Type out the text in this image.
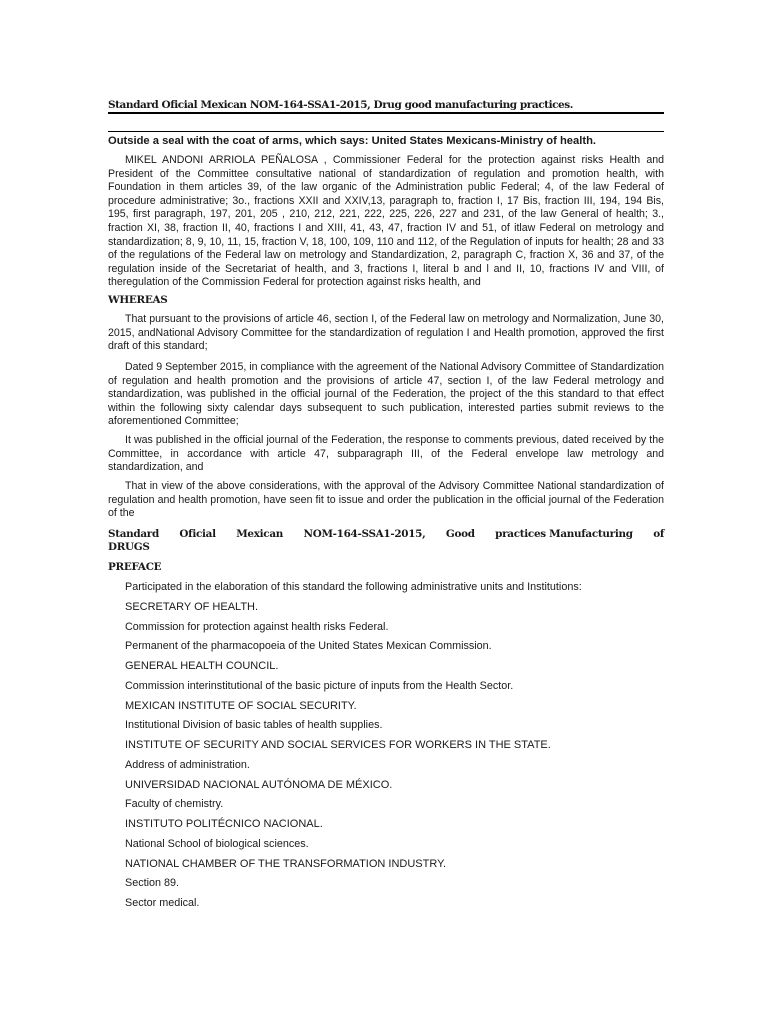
Standard Oficial Mexican NOM-164-SSA1-2015, Drug good manufacturing practices.
Outside a seal with the coat of arms, which says: United States Mexicans-Ministry of health.

MIKEL ANDONI ARRIOLA PEÑALOSA , Commissioner Federal for the protection against risks Health and President of the Committee consultative national of standardization of regulation and promotion health, with Foundation in them articles 39, of the law organic of the Administration public Federal; 4, of the law Federal of procedure administrative; 3o., fractions XXII and XXIV,13, paragraph to, fraction I, 17 Bis, fraction III, 194, 194 Bis, 195, first paragraph, 197, 201, 205 , 210, 212, 221, 222, 225, 226, 227 and 231, of the law General of health; 3., fraction XI, 38, fraction II, 40, fractions I and XIII, 41, 43, 47, fraction IV and 51, of itlaw Federal on metrology and standardization; 8, 9, 10, 11, 15, fraction V, 18, 100, 109, 110 and 112, of the Regulation of inputs for health; 28 and 33 of the regulations of the Federal law on metrology and Standardization, 2, paragraph C, fraction X, 36 and 37, of the regulation inside of the Secretariat of health, and 3, fractions I, literal b and l and II, 10, fractions IV and VIII, of theregulation of the Commission Federal for protection against risks health, and

WHEREAS

That pursuant to the provisions of article 46, section I, of the Federal law on metrology and Normalization, June 30, 2015, andNational Advisory Committee for the standardization of regulation I and Health promotion, approved the first draft of this standard;

Dated 9 September 2015, in compliance with the agreement of the National Advisory Committee of Standardization of regulation and health promotion and the provisions of article 47, section I, of the law Federal metrology and standardization, was published in the official journal of the Federation, the project of the this standard to that effect within the following sixty calendar days subsequent to such publication, interested parties submit reviews to the aforementioned Committee;

It was published in the official journal of the Federation, the response to comments previous, dated received by the Committee, in accordance with article 47, subparagraph III, of the Federal envelope law metrology and standardization, and

That in view of the above considerations, with the approval of the Advisory Committee National standardization of regulation and health promotion, have seen fit to issue and order the publication in the official journal of the Federation of the

Standard Oficial Mexican NOM-164-SSA1-2015, Good practices Manufacturing of
DRUGS
PREFACE
Participated in the elaboration of this standard the following administrative units and Institutions:
SECRETARY OF HEALTH.
Commission for protection against health risks Federal.
Permanent of the pharmacopoeia of the United States Mexican Commission.
GENERAL HEALTH COUNCIL.
Commission interinstitutional of the basic picture of inputs from the Health Sector.
MEXICAN INSTITUTE OF SOCIAL SECURITY.
Institutional Division of basic tables of health supplies.
INSTITUTE OF SECURITY AND SOCIAL SERVICES FOR WORKERS IN THE STATE.
Address of administration.
UNIVERSIDAD NACIONAL AUTÓNOMA DE MÉXICO.
Faculty of chemistry.
INSTITUTO POLITÉCNICO NACIONAL.
National School of biological sciences.
NATIONAL CHAMBER OF THE TRANSFORMATION INDUSTRY.
Section 89.
Sector medical.
